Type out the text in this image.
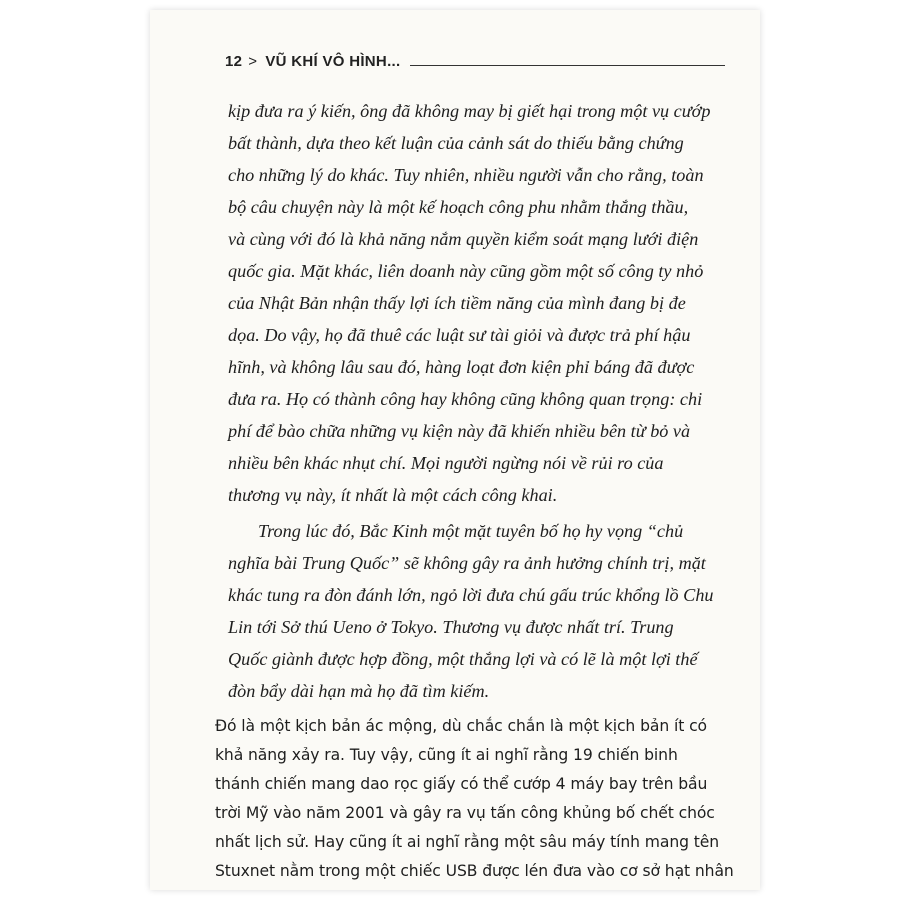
12 > VŨ KHÍ VÔ HÌNH...
kịp đưa ra ý kiến, ông đã không may bị giết hại trong một vụ cướp
bất thành, dựa theo kết luận của cảnh sát do thiếu bằng chứng
cho những lý do khác. Tuy nhiên, nhiều người vẫn cho rằng, toàn
bộ câu chuyện này là một kế hoạch công phu nhằm thắng thầu,
và cùng với đó là khả năng nắm quyền kiểm soát mạng lưới điện
quốc gia. Mặt khác, liên doanh này cũng gồm một số công ty nhỏ
của Nhật Bản nhận thấy lợi ích tiềm năng của mình đang bị đe
dọa. Do vậy, họ đã thuê các luật sư tài giỏi và được trả phí hậu
hĩnh, và không lâu sau đó, hàng loạt đơn kiện phỉ báng đã được
đưa ra. Họ có thành công hay không cũng không quan trọng: chi
phí để bào chữa những vụ kiện này đã khiến nhiều bên từ bỏ và
nhiều bên khác nhụt chí. Mọi người ngừng nói về rủi ro của
thương vụ này, ít nhất là một cách công khai.
Trong lúc đó, Bắc Kinh một mặt tuyên bố họ hy vọng “chủ
nghĩa bài Trung Quốc” sẽ không gây ra ảnh hưởng chính trị, mặt
khác tung ra đòn đánh lớn, ngỏ lời đưa chú gấu trúc khổng lồ Chu
Lin tới Sở thú Ueno ở Tokyo. Thương vụ được nhất trí. Trung
Quốc giành được hợp đồng, một thắng lợi và có lẽ là một lợi thế
đòn bẩy dài hạn mà họ đã tìm kiếm.
Đó là một kịch bản ác mộng, dù chắc chắn là một kịch bản ít có
khả năng xảy ra. Tuy vậy, cũng ít ai nghĩ rằng 19 chiến binh
thánh chiến mang dao rọc giấy có thể cướp 4 máy bay trên bầu
trời Mỹ vào năm 2001 và gây ra vụ tấn công khủng bố chết chóc
nhất lịch sử. Hay cũng ít ai nghĩ rằng một sâu máy tính mang tên
Stuxnet nằm trong một chiếc USB được lén đưa vào cơ sở hạt nhân
